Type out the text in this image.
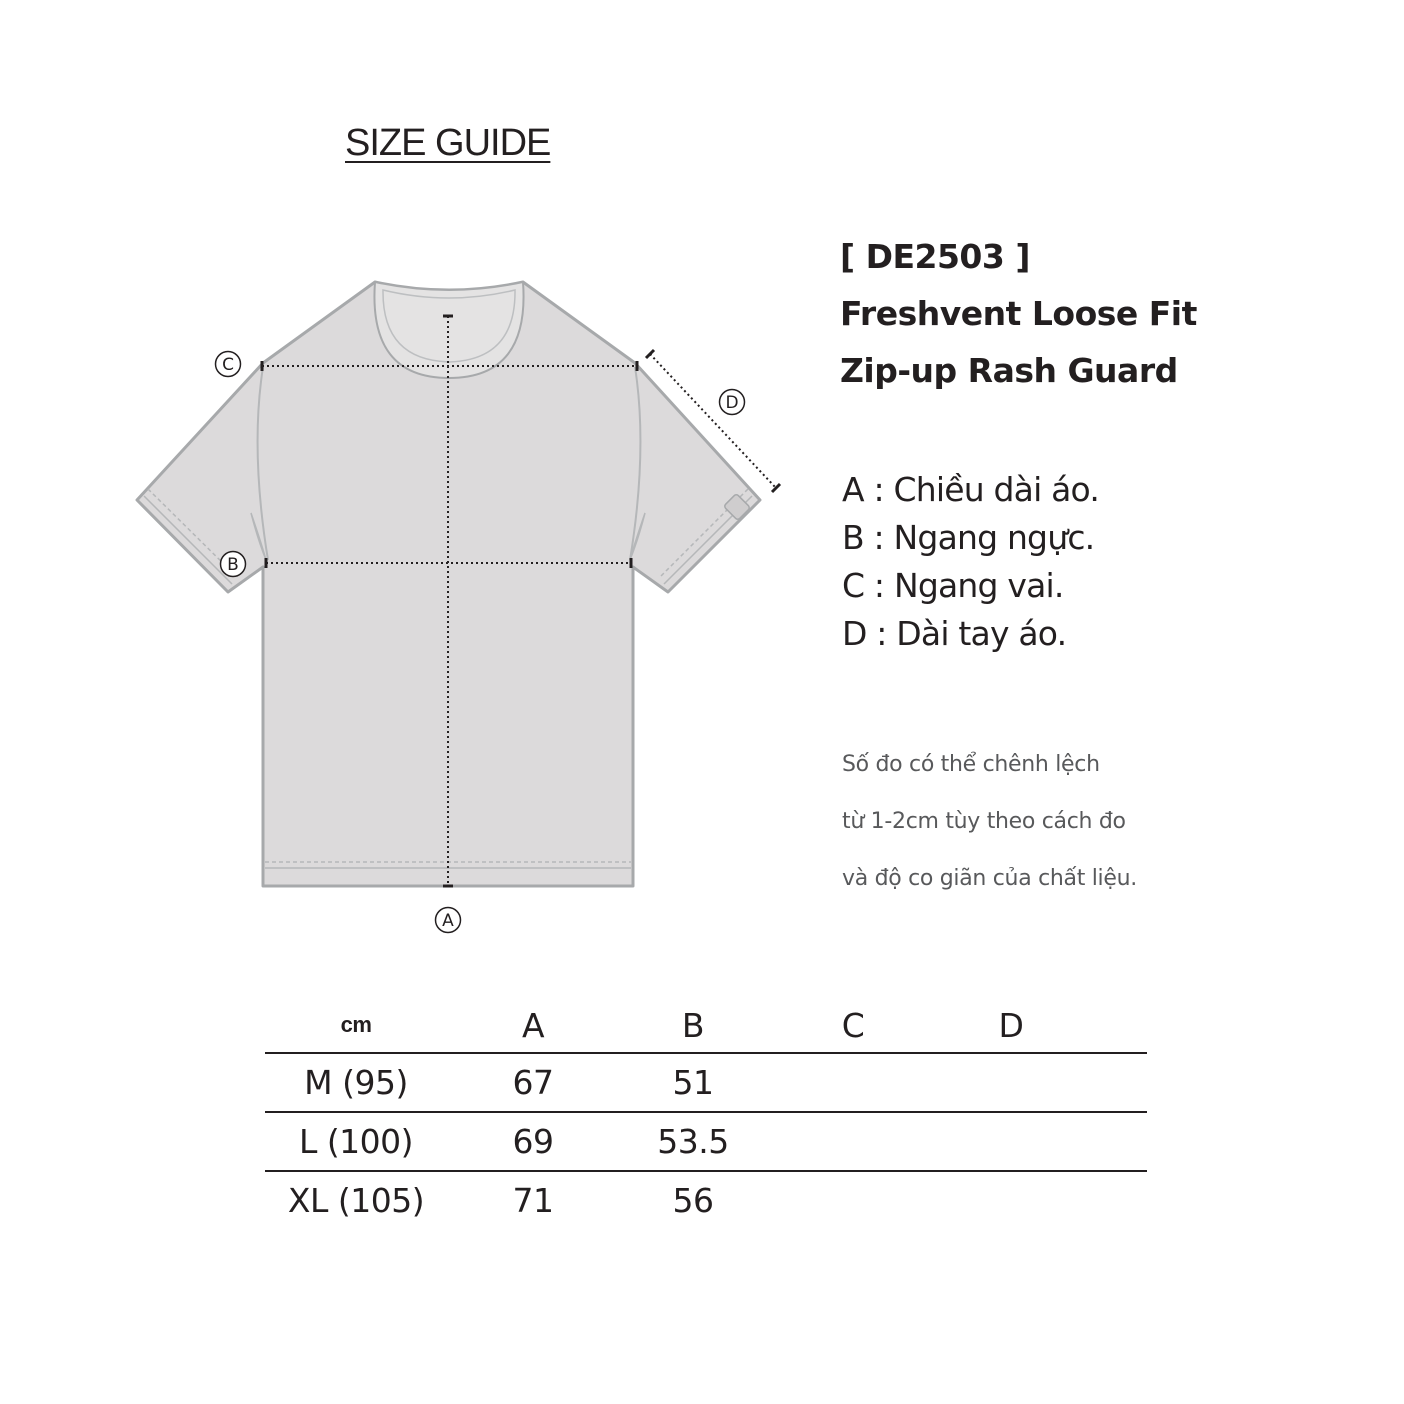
SIZE GUIDE
C
B
D
A
[ DE2503 ]
Freshvent Loose Fit
Zip-up Rash Guard
A : Chiều dài áo.
B : Ngang ngực.
C : Ngang vai.
D : Dài tay áo.
Số đo có thể chênh lệch
từ 1-2cm tùy theo cách đo
và độ co giãn của chất liệu.
cm	A	B	C	D
M (95)	67	51
L (100)	69	53.5
XL (105)	71	56
